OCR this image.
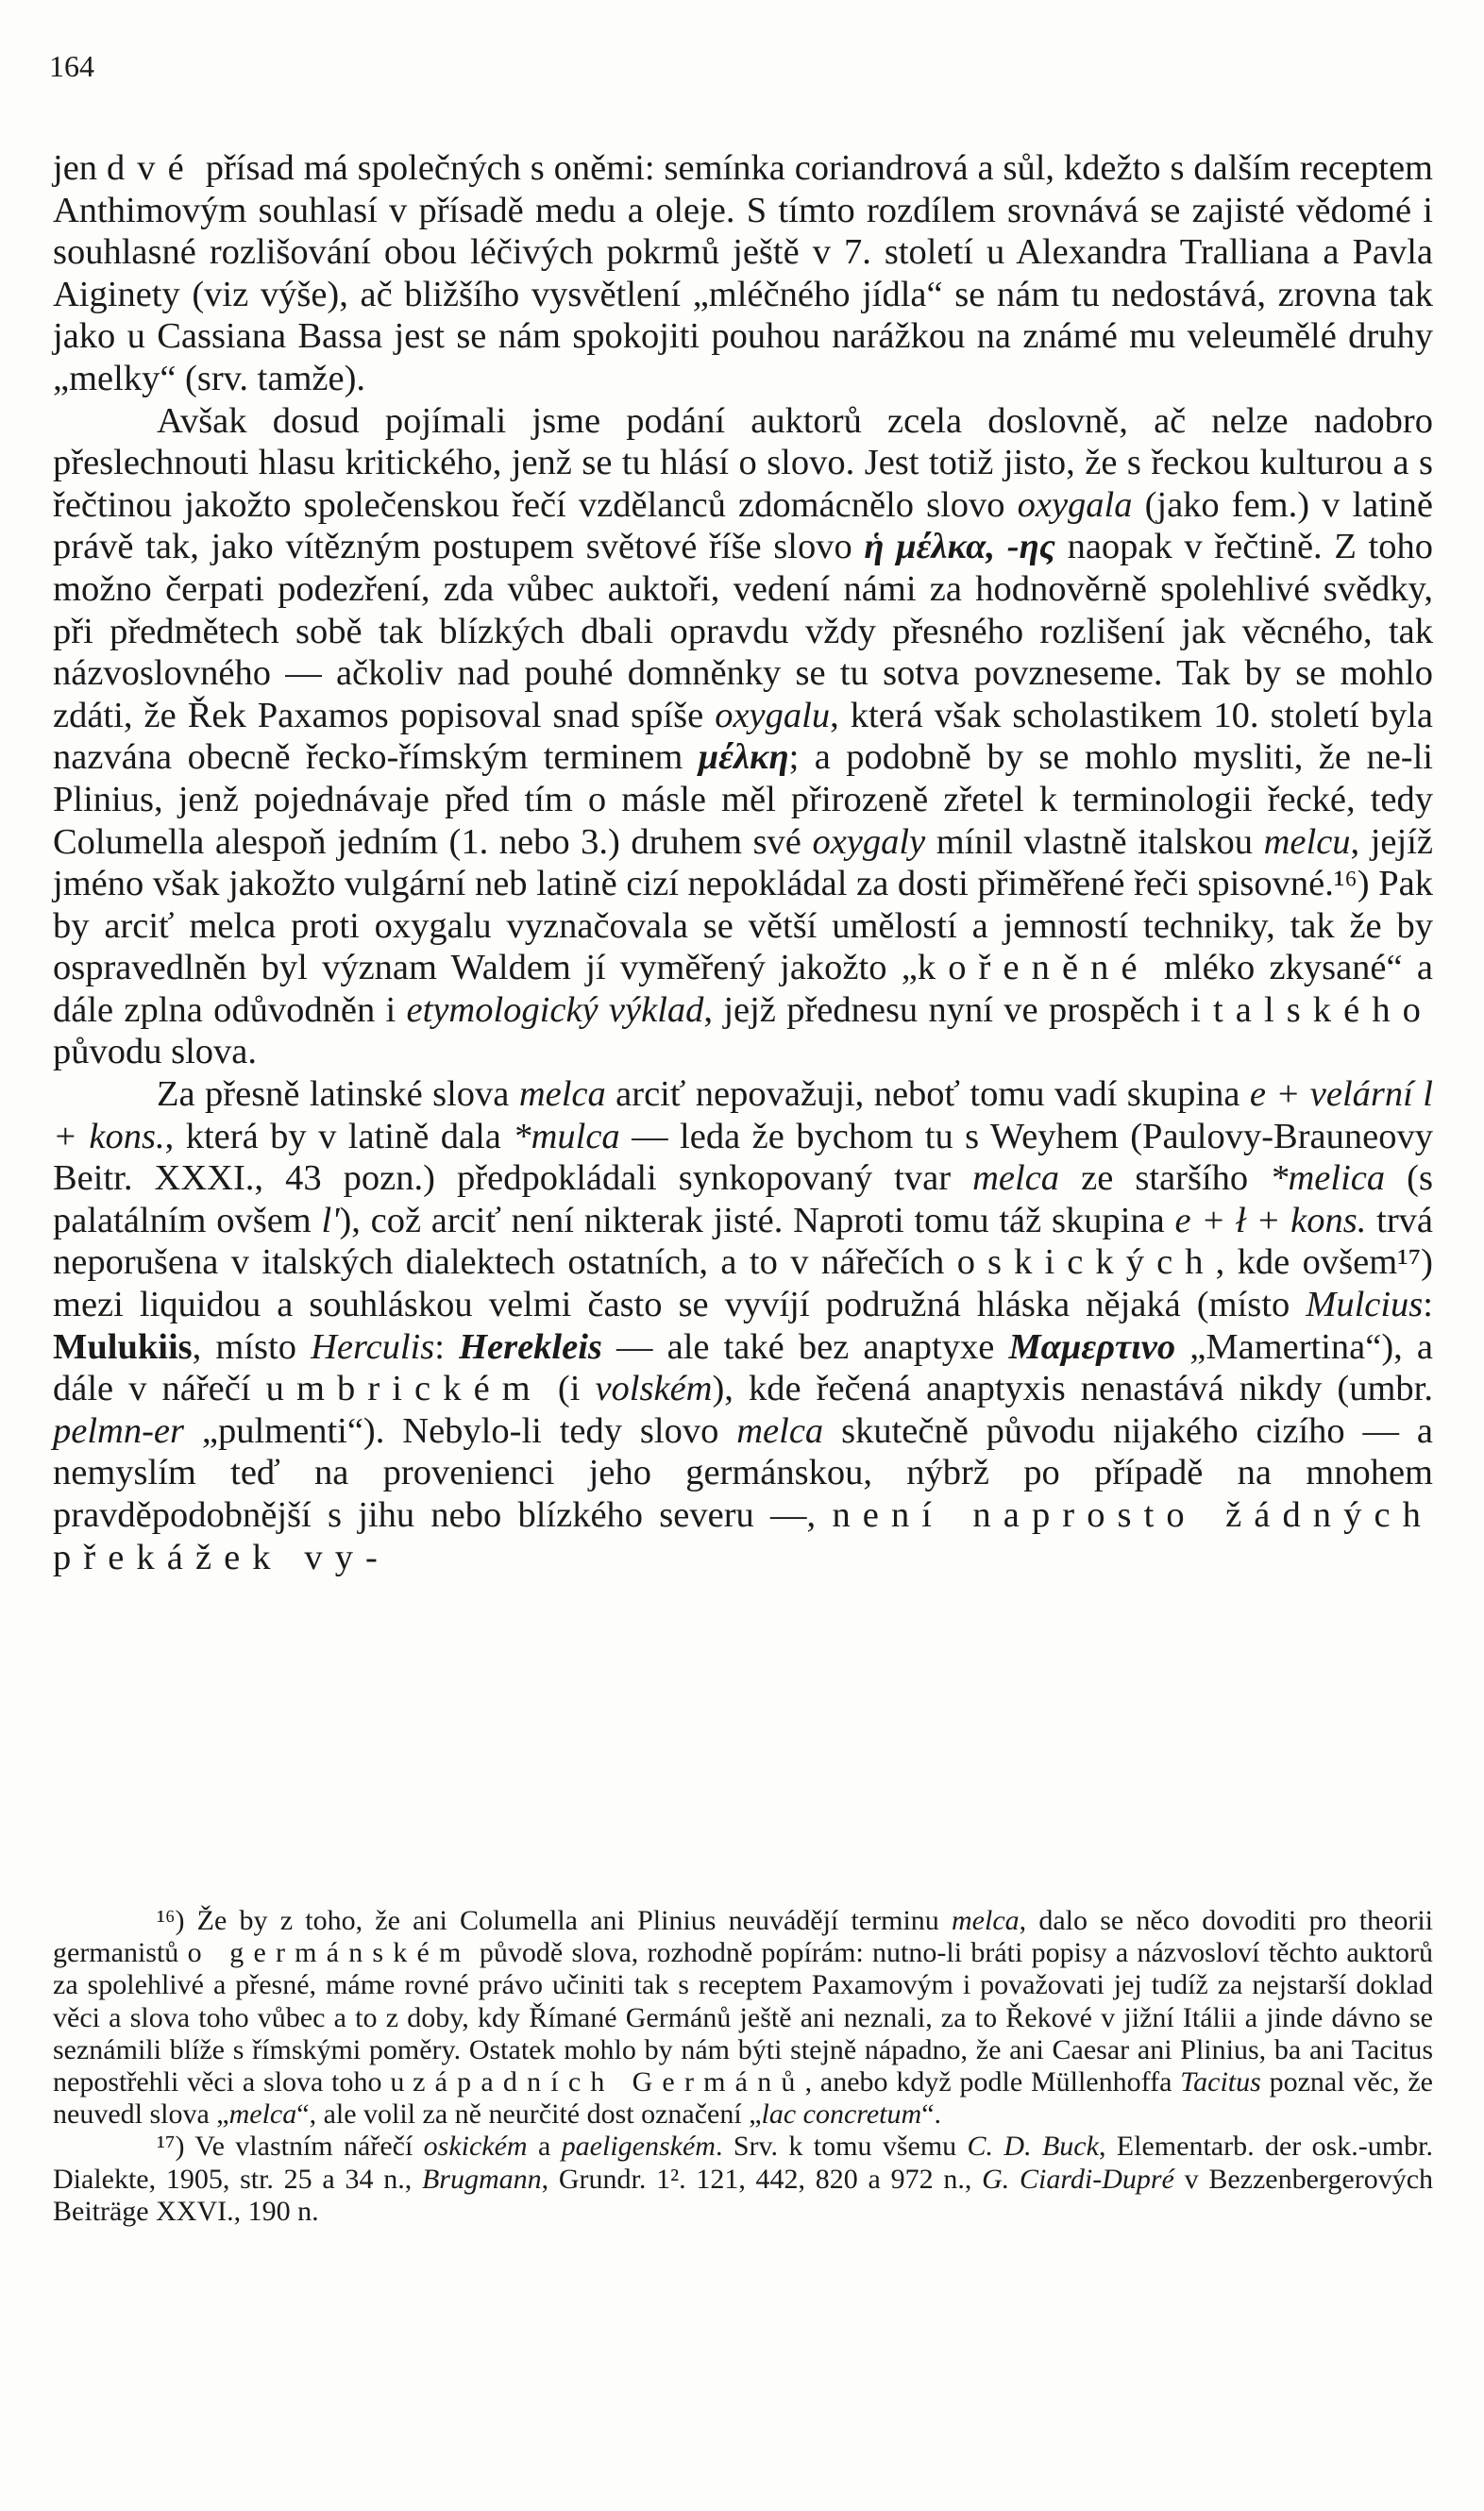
164

jen dvé přísad má společných s oněmi: semínka coriandrová a sůl, kdežto s dalším receptem Anthimovým souhlasí v přísadě medu a oleje. S tímto rozdílem srovnává se zajisté vědomé i souhlasné rozlišování obou léčivých pokrmů ještě v 7. století u Alexandra Tralliana a Pavla Aiginety (viz výše), ač bližšího vysvětlení „mléčného jídla“ se nám tu nedostává, zrovna tak jako u Cassiana Bassa jest se nám spokojiti pouhou narážkou na známé mu veleumělé druhy „melky“ (srv. tamže).

Avšak dosud pojímali jsme podání auktorů zcela doslovně, ač nelze nadobro přeslechnouti hlasu kritického, jenž se tu hlásí o slovo. Jest totiž jisto, že s řeckou kulturou a s řečtinou jakožto společenskou řečí vzdělanců zdomácnělo slovo oxygala (jako fem.) v latině právě tak, jako vítězným postupem světové říše slovo ἡ μέλκα, -ης naopak v řečtině. Z toho možno čerpati podezření, zda vůbec auktoři, vedení námi za hodnověrně spolehlivé svědky, při předmětech sobě tak blízkých dbali opravdu vždy přesného rozlišení jak věcného, tak názvoslovného — ačkoliv nad pouhé domněnky se tu sotva povzneseme. Tak by se mohlo zdáti, že Řek Paxamos popisoval snad spíše oxygalu, která však scholastikem 10. století byla nazvána obecně řecko-římským terminem μέλκη; a podobně by se mohlo mysliti, že ne-li Plinius, jenž pojednávaje před tím o másle měl přirozeně zřetel k terminologii řecké, tedy Columella alespoň jedním (1. nebo 3.) druhem své oxygaly mínil vlastně italskou melcu, jejíž jméno však jakožto vulgární neb latině cizí nepokládal za dosti přiměřené řeči spisovné.¹⁶) Pak by arciť melca proti oxygalu vyznačovala se větší umělostí a jemností techniky, tak že by ospravedlněn byl význam Waldem jí vyměřený jakožto „kořeněné mléko zkysané“ a dále zplna odůvodněn i etymologický výklad, jejž přednesu nyní ve prospěch italského původu slova.

Za přesně latinské slova melca arciť nepovažuji, neboť tomu vadí skupina e + velární l + kons., která by v latině dala *mulca — leda že bychom tu s Weyhem (Paulovy-Brauneovy Beitr. XXXI., 43 pozn.) předpokládali synkopovaný tvar melca ze staršího *melica (s palatálním ovšem l'), což arciť není nikterak jisté. Naproti tomu táž skupina e + ł + kons. trvá neporušena v italských dialektech ostatních, a to v nářečích oskických, kde ovšem¹⁷) mezi liquidou a souhláskou velmi často se vyvíjí podružná hláska nějaká (místo Mulcius: Mulukiis, místo Herculis: Herekleis — ale také bez anaptyxe Μαμερτινο „Mamertina“), a dále v nářečí umbrickém (i volském), kde řečená anaptyxis nenastává nikdy (umbr. pelmn-er „pulmenti“). Nebylo-li tedy slovo melca skutečně původu nijakého cizího — a nemyslím teď na provenienci jeho germánskou, nýbrž po případě na mnohem pravděpodobnější s jihu nebo blízkého severu —, není naprosto žádných překážek vy-

¹⁶) Že by z toho, že ani Columella ani Plinius neuvádějí terminu melca, dalo se něco dovoditi pro theorii germanistů o germánském původě slova, rozhodně popírám: nutno-li bráti popisy a názvosloví těchto auktorů za spolehlivé a přesné, máme rovné právo učiniti tak s receptem Paxamovým i považovati jej tudíž za nejstarší doklad věci a slova toho vůbec a to z doby, kdy Římané Germánů ještě ani neznali, za to Řekové v jižní Itálii a jinde dávno se seznámili blíže s římskými poměry. Ostatek mohlo by nám býti stejně nápadno, že ani Caesar ani Plinius, ba ani Tacitus nepostřehli věci a slova toho u západních Germánů, anebo když podle Müllenhoffa Tacitus poznal věc, že neuvedl slova „melca“, ale volil za ně neurčité dost označení „lac concretum“.

¹⁷) Ve vlastním nářečí oskickém a paeligenském. Srv. k tomu všemu C. D. Buck, Elementarb. der osk.-umbr. Dialekte, 1905, str. 25 a 34 n., Brugmann, Grundr. 1². 121, 442, 820 a 972 n., G. Ciardi-Dupré v Bezzenbergerových Beiträge XXVI., 190 n.
